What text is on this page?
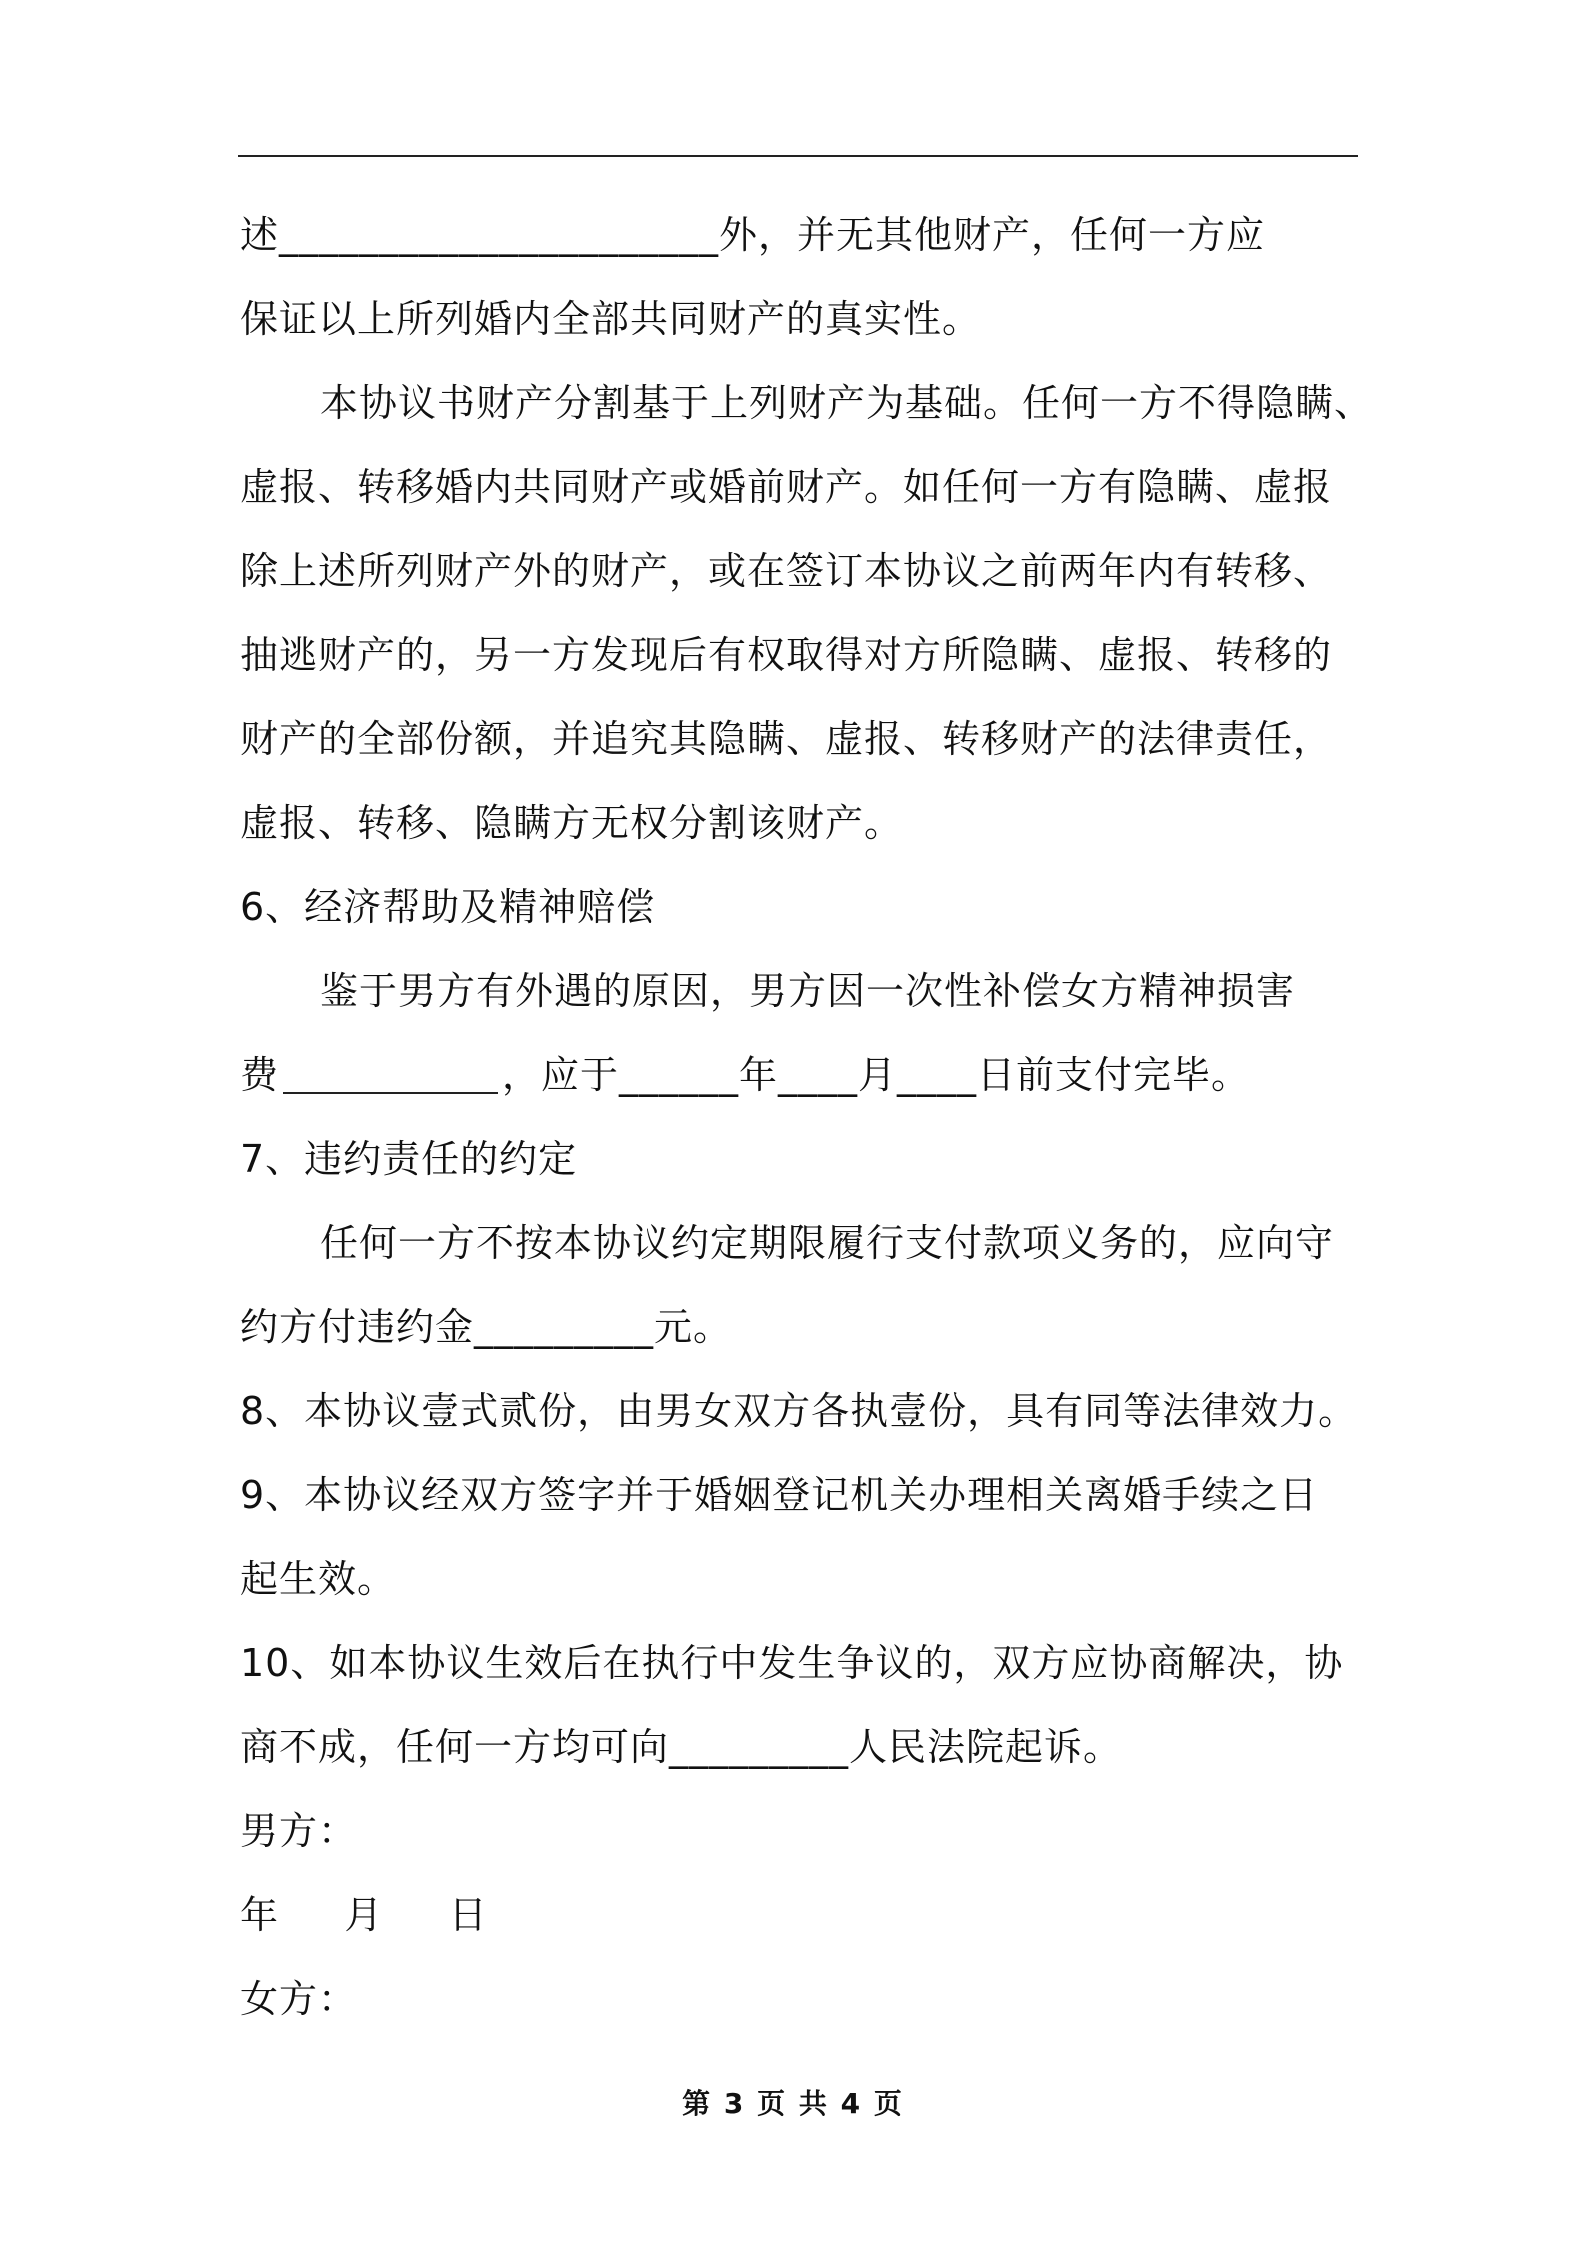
述______________________外，并无其他财产，任何一方应
保证以上所列婚内全部共同财产的真实性。
本协议书财产分割基于上列财产为基础。任何一方不得隐瞒、
虚报、转移婚内共同财产或婚前财产。如任何一方有隐瞒、虚报
除上述所列财产外的财产，或在签订本协议之前两年内有转移、
抽逃财产的，另一方发现后有权取得对方所隐瞒、虚报、转移的
财产的全部份额，并追究其隐瞒、虚报、转移财产的法律责任，
虚报、转移、隐瞒方无权分割该财产。
6、经济帮助及精神赔偿
鉴于男方有外遇的原因，男方因一次性补偿女方精神损害
费	，应于______年____月____日前支付完毕。
7、违约责任的约定
任何一方不按本协议约定期限履行支付款项义务的，应向守
约方付违约金_________元。
8、本协议壹式贰份，由男女双方各执壹份，具有同等法律效力。
9、本协议经双方签字并于婚姻登记机关办理相关离婚手续之日
起生效。
10、如本协议生效后在执行中发生争议的，双方应协商解决，协
商不成，任何一方均可向_________人民法院起诉。
男方：
年     月     日
女方：
第 3 页 共 4 页
